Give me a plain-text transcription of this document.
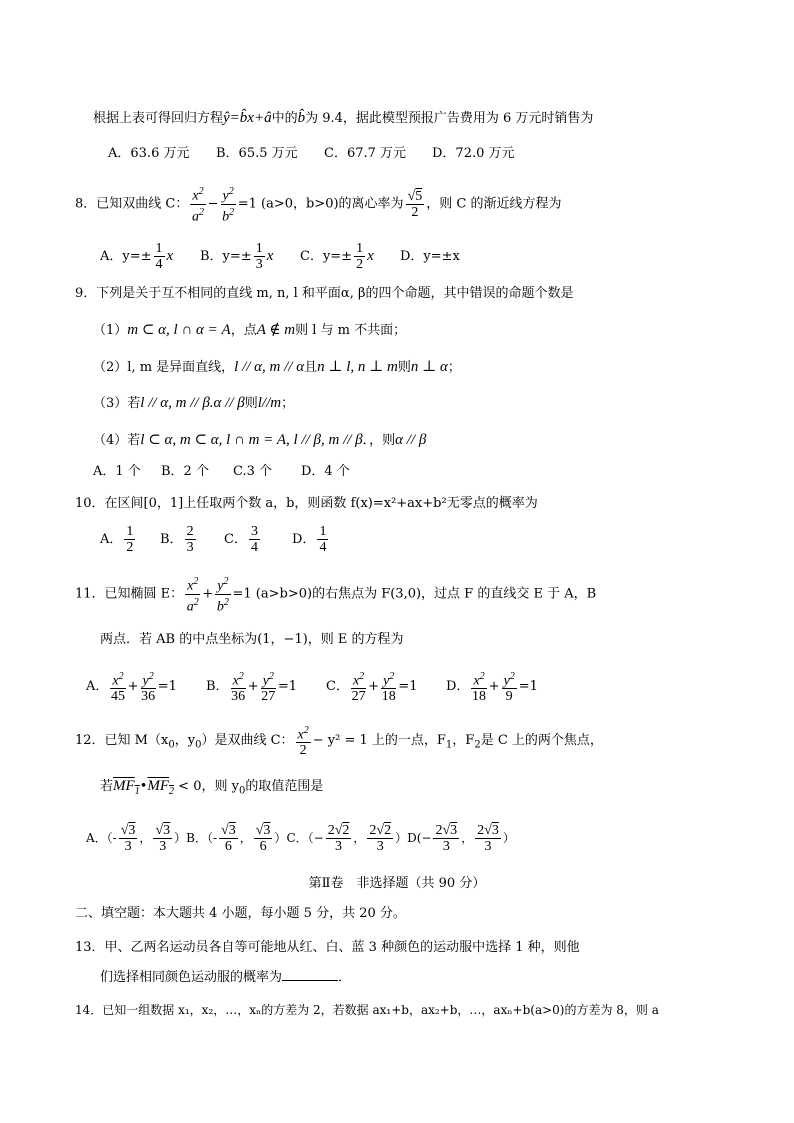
根据上表可得回归方程ŷ=b̂x+â中的b̂为 9.4，据此模型预报广告费用为 6 万元时销售为
A．63.6 万元 B．65.5 万元 C．67.7 万元 D．72.0 万元
8．已知双曲线 C： $\frac{x^2}{a^2} - \frac{y^2}{b^2} =1$ (a>0，b>0)的离心率为 $\frac{√5}{2}$ ，则 C 的渐近线方程为
A．$y=\pm \frac{1}{4}$ x B．$y=\pm \frac{1}{3}$ x C．$y=\pm \frac{1}{2}$ x D．y=±x
9．下列是关于互不相同的直线 m, n, l 和平面α, β的四个命题，其中错误的命题个数是
（1）m ⊂ α, l ∩ α = A，点A ∉ m则 l 与 m 不共面；
（2）l, m 是异面直线，l // α, m // α且n ⊥ l, n ⊥ m则n ⊥ α；
（3）若l // α, m // β.α // β则l//m；
（4）若l ⊂ α, m ⊂ α, l ∩ m = A, l // β, m // β．，则α // β
A．1 个 B．2 个 C.3 个 D．4 个
10．在区间[0，1]上任取两个数 a，b，则函数 f(x)=x²+ax+b²无零点的概率为
A． $\frac{1}{2}$ B． $\frac{2}{3}$ C． $\frac{3}{4}$ D． $\frac{1}{4}$
11．已知椭圆 E： $\frac{x^2}{a^2} + \frac{y^2}{b^2} =1$ (a>b>0)的右焦点为 F(3,0)，过点 F 的直线交 E 于 A，B
两点．若 AB 的中点坐标为(1，−1)，则 E 的方程为
A． $\frac{x^2}{45} + \frac{y^2}{36} =1$ B． $\frac{x^2}{36} + \frac{y^2}{27} =1$ C． $\frac{x^2}{27} + \frac{y^2}{18} =1$ D． $\frac{x^2}{18} + \frac{y^2}{9} =1$
12．已知 $M(x_0$，$y_0$）是双曲线 C： $\frac{x^2}{2} - y^2 = 1$ 上的一点，$F_1$，$F_2$是 C 上的两个焦点，
若$MF_1•MF_2 < 0$，则 $y_0$的取值范围是
A．（- $\frac{√3}{3}$ ， $\frac{√3}{3} )B$．（- $\frac{√3}{6}$ ， $\frac{√3}{6} )C$．（− $\frac{2√2}{3}$ ， $\frac{2√2}{3} )D(- \frac{2√3}{3}$ ， $\frac{2√3}{3}$ ）
第Ⅱ卷　非选择题（共 90 分）
二、填空题：本大题共 4 小题，每小题 5 分，共 20 分。
13．甲、乙两名运动员各自等可能地从红、白、蓝 3 种颜色的运动服中选择 1 种，则他
们选择相同颜色运动服的概率为	．
14．已知一组数据 x₁，x₂，…，xₙ的方差为 2，若数据 ax₁+b，ax₂+b，…，axₙ+b(a>0)的方差为 8，则 a
